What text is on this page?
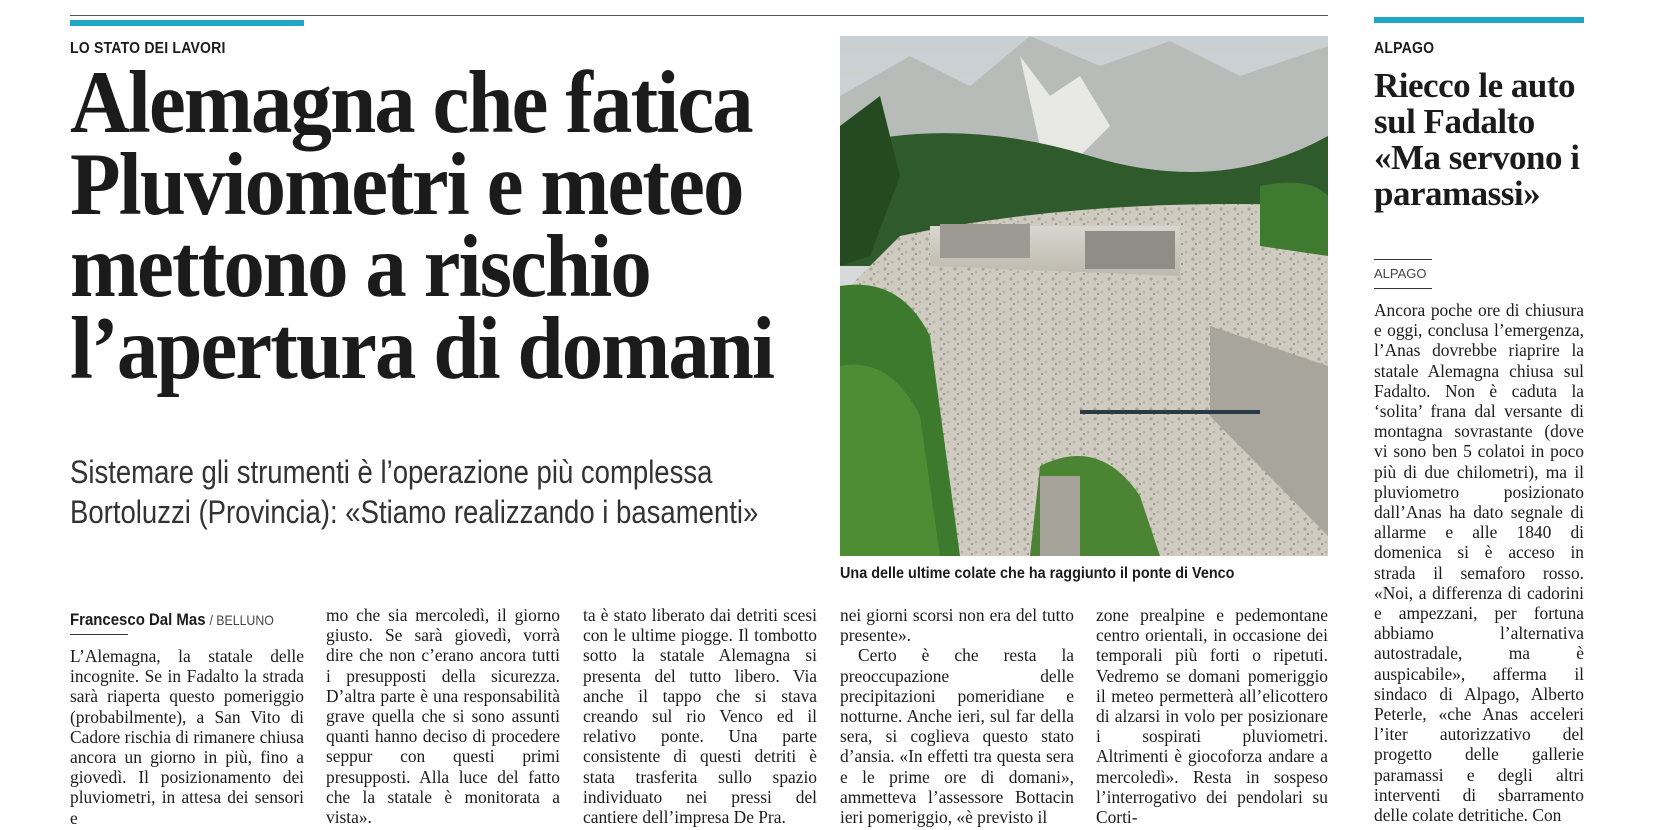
LO STATO DEI LAVORI
Alemagna che fatica
Pluviometri e meteo
mettono a rischio
l’apertura di domani
Sistemare gli strumenti è l’operazione più complessa
Bortoluzzi (Provincia): «Stiamo realizzando i basamenti»
Una delle ultime colate che ha raggiunto il ponte di Venco
Francesco Dal Mas / BELLUNO

L’Alemagna, la statale delle incognite. Se in Fadalto la strada sarà riaperta questo pomeriggio (probabilmente), a San Vito di Cadore rischia di rimanere chiusa ancora un giorno in più, fino a giovedì. Il posizionamento dei pluviometri, in attesa dei sensori e

mo che sia mercoledì, il giorno giusto. Se sarà giovedì, vorrà dire che non c’erano ancora tutti i presupposti della sicurezza. D’altra parte è una responsabilità grave quella che si sono assunti quanti hanno deciso di procedere seppur con questi primi presupposti. Alla luce del fatto che la statale è monitorata a vista».

ta è stato liberato dai detriti scesi con le ultime piogge. Il tombotto sotto la statale Alemagna si presenta del tutto libero. Via anche il tappo che si stava creando sul rio Venco ed il relativo ponte. Una parte consistente di questi detriti è stata trasferita sullo spazio individuato nei pressi del cantiere dell’impresa De Pra.

nei giorni scorsi non era del tutto presente».

Certo è che resta la preoccupazione delle precipitazioni pomeridiane e notturne. Anche ieri, sul far della sera, si coglieva questo stato d’ansia. «In effetti tra questa sera e le prime ore di domani», ammetteva l’assessore Bottacin ieri pomeriggio, «è previsto il

zone prealpine e pedemontane centro orientali, in occasione dei temporali più forti o ripetuti. Vedremo se domani pomeriggio il meteo permetterà all’elicottero di alzarsi in volo per posizionare i sospirati pluviometri. Altrimenti è giocoforza andare a mercoledì». Resta in sospeso l’interrogativo dei pendolari su Corti-

ALPAGO
Riecco le auto sul Fadalto «Ma servono i paramassi»
ALPAGO

Ancora poche ore di chiusura e oggi, conclusa l’emergenza, l’Anas dovrebbe riaprire la statale Alemagna chiusa sul Fadalto. Non è caduta la ‘solita’ frana dal versante di montagna sovrastante (dove vi sono ben 5 colatoi in poco più di due chilometri), ma il pluviometro posizionato dall’Anas ha dato segnale di allarme e alle 1840 di domenica si è acceso in strada il semaforo rosso. «Noi, a differenza di cadorini e ampezzani, per fortuna abbiamo l’alternativa autostradale, ma è auspicabile», afferma il sindaco di Alpago, Alberto Peterle, «che Anas acceleri l’iter autorizzativo del progetto delle gallerie paramassi e degli altri interventi di sbarramento delle colate detritiche. Con
